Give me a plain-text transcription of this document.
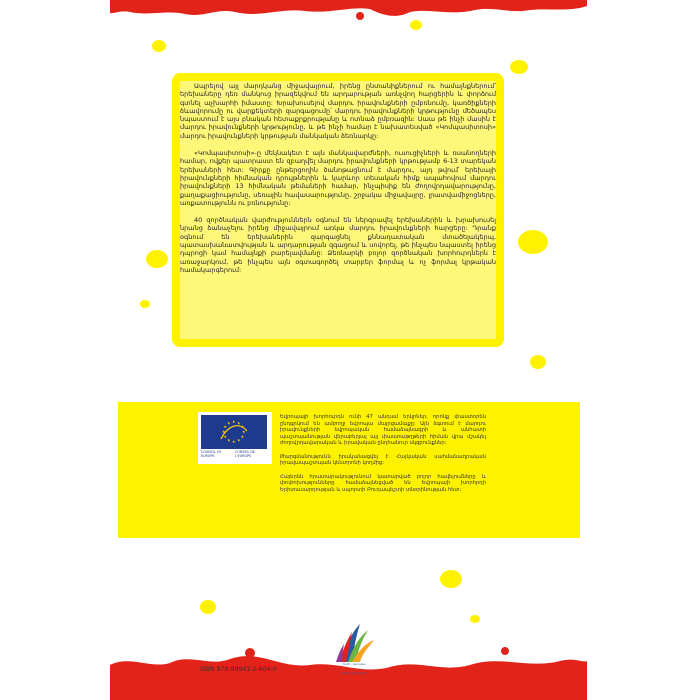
Ապրելով այլ մարդկանց միջավայրում, իրենց ընտանիքներում ու համայնքներում՝ երեխաները դեռ մանկուց իրազեկվում են արդարության առնչվող հարցերին և փորձում գտնել աչխարհի իմաստը: Խրախուսելով մարդու իրավունքների ըմբռնումը, կառծիքների ձևավորումը ու վարքեկտերի զարգացումը՝ մարդու իրավունքների կրթությունը մեծապես նպաստում է այս բնական հետաքրքրությանը և ոտնաձ ըմբռազին: Սաա թե ինչի մասին է մարդու իրավունքների կրթությունը, և թե ինչի համար է նախատեսված «Կոմպասիտոսի» մարդու իրավունքների կրթության մանկական ձեռնարկը:

«Կոմպասիտոսի»-ը մեկնակետ է այն մանկավարժների, ուսուցիչների և ռսանողների համար, ովքեր պատրաստ են զբաղվել մարդու իրավունքների կրթությամբ 6-13 տարեկան երեխաների հետ: Գիրքը ընթերցողին ծանոթացնում է մարդու, այդ թվում՝ երեխայի իրավունքների հիմնական դրույթներին և կարևոր տեսական հիմք ապահովում մարդու իրավունքների 13 հիմնական թեմաների համար, ինչպիսիք են ժողովրդավարությունը, քաղաքացիությունը, սեռային հավասարությունը, շրջակա միջավայրը, լրատվամիջոցները, առքատությունն ու բռնությունը:

40 զործնական վարժություններն օգնում են ներգրավել երեխաներին և խրախուսել նրանց ձանաչելու իրենց միջավայրում առկա մարդու իրավունքների հարցերը: Դրանք օգնում են երեխաներին զարգացնել քննադատական մտածելակերպ, պատասխանատվության և արդարության զգացում և սովորել, թե ինչպես նպաստել իրենց դպրոցի կամ համայնքի բարելավմանը: Ձեռնարկի բոլոր զործնական խորհուրդներն է առաջարկում, թե ինչպես այն օգտագործել տարբեր ֆորմալ և ոչ ֆորմալ կրթական համակարգերում:

★ ★
★
★
★
★
★
★
★
★
★
★
COUNCIL OF EUROPE
CONSEIL DE L'EUROPE

Եվրոպայի խորհուրդն ունի 47 անդամ երկրներ, որոնք փաստորեն ընդգրկում են ամբողջ եվրոպա մայրցամաքը: Այն ձգտում է մարդու իրավունքների եվրոպական համաձայնագրի և անհատի պաշտպանության վերաբերյալ այլ փաստաթղթերի հիման վրա մշակել ժողովրդավարական և իրավական ընդհանուր սկզբունքներ:

Թարգմանությունն իրականացվել է Հայկական սահմանադրական իրավապաշտպան կենտրոնի կողմից:

Հայերեն հրատարակությունում կատարված բոլոր հավելումները և փոփոխությունները համաձայնեցված են Եվրոպայի խորհրդի Երիտասարդության և սպորտի Բուդապեշտի տնօրինության հետ:

ISBN 978-99941-2-604-0
Youth - Jeunesse
www.coe.int/youth
